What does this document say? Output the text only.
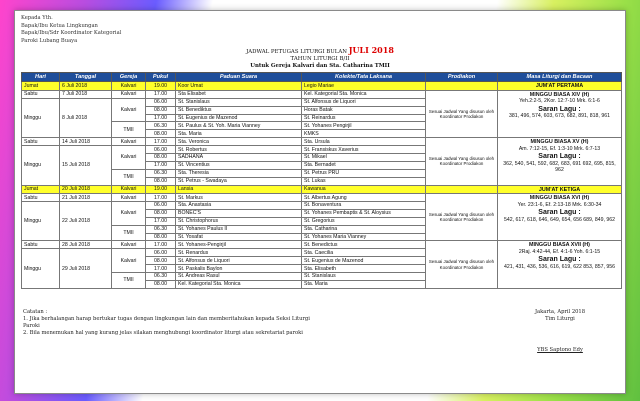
Kepada Yth.
Bapak/Ibu Ketua Lingkungan
Bapak/Ibu/Sdr Koordinator Kategorial
Paroki Lubang Buaya
JADWAL PETUGAS LITURGI BULAN JULI 2018
TAHUN LITURGI B/II
Untuk Gereja Kalvari dan Sta. Catharina TMII
Hari	Tanggal	Gereja	Pukul	Paduan Suara	Kolekte/Tata Laksana	Prodiakon	Masa Liturgi dan Bacaan
Jumat	6 Juli 2018	Kalvari	19.00	Koor Umat	Legio Mariae		JUM'AT PERTAMA

Sabtu	7 Juli 2018	Kalvari	17.00	Sta Elisabet	Kel. Kategorial Sta. Monica	Sesuai Jadwal Yang disusun oleh Koordinator Prodiakon	MINGGU BIASA XIV (H)
Yeh.2:2-5, 2Kor. 12:7-10 Mrk. 6:1-6
Saran Lagu :
381, 496, 574, 603, 673, 682, 891, 818, 961

Minggu	8 Juli 2018	Kalvari	06.00	St. Stanislaus	St. Alfonsus de Liquori		
			08.00	St. Benediktus	Horas Batak		
			17.00	St. Eugenius de Mazenod	St. Reinardus		
		TMII	06.30	St. Paulus & St. Yoh. Maria Vianney	St. Yohanes Pengirjil		
			08.00	Sta. Maria	KMKS		
Sabtu	14 Juli 2018	Kalvari	17.00	Sta. Veronica	Sta. Ursula	Sesuai Jadwal Yang disusun oleh Koordinator Prodiakon	MINGGU BIASA XV (H)
Am. 7:12-15, Ef. 1:3-10 Mrk. 6:7-13
Saran Lagu :
362, 540, 541, 592, 682, 683, 691 692, 695, 815, 962

Minggu	15 Juli 2018	Kalvari	06.00	St. Robertus	St. Fransiskus Xaverius		
			08.00	SADHANA	St. Mikael		
			17.00	St. Vincentius	Sta. Bernadet		
		TMII	06.30	Sta. Theresia	St. Petrus PRU		
			08.00	St. Petrus - Swadaya	St. Lukas		
Jumat	20 Juli 2018	Kalvari	19.00	Lansia	Kawanua		JUM'AT KETIGA

Sabtu	21 Juli 2018	Kalvari	17.00	St. Markus	St. Albertus Agung	Sesuai Jadwal Yang disusun oleh Koordinator Prodiakon	MINGGU BIASA XVI (H)
Yer. 23:1-6, Ef. 2:13-18 Mrk. 6:30-34
Saran Lagu :
542, 617, 618, 646, 649, 654, 656 689, 849, 962

Minggu	22 Juli 2018	Kalvari	06.00	Sta. Anastasia	St. Bonaventura		
			08.00	BONEC'S	St. Yohanes Pembaptis & St. Aloysius		
			17.00	St. Christophorus	St. Gregorius		
		TMII	06.30	St. Yohanes Paulus II	Sta. Catharina		
			08.00	St. Yosafat	St. Yohanes Maria Vianney		
Sabtu	28 Juli 2018	Kalvari	17.00	St. Yohanes-Pengirjil	St. Benedictus	Sesuai Jadwal Yang disusun oleh Koordinator Prodiakon	MINGGU BIASA XVII (H)
2Raj. 4:42-44, Ef. 4:1-6 Yoh. 6:1-15
Saran Lagu :
421, 431, 436, 536, 616, 619, 622 853, 857, 956

Minggu	29 Juli 2018	Kalvari	06.00	St. Renardus	Sta. Caecilia		
			08.00	St. Alfonsus de Liquori	St. Eugenius de Mazenod		
			17.00	St. Paskalis Baylon	Sta. Elisabeth		
		TMII	06.30	St. Andreas Rasul	St. Stanislaus		
			08.00	Kel. Kategorial Sta. Monica	Sta. Maria		
Catatan :
1. Jika berhalangan harap bertukar tugas dengan lingkungan lain dan memberitahukan kepada Seksi Liturgi Paroki
2. Bila menemukan hal yang kurang jelas silakan menghubungi koordinator liturgi atau sekretariat paroki
Jakarta, April 2018
Tim Liturgi
YBS Saptono Edy
